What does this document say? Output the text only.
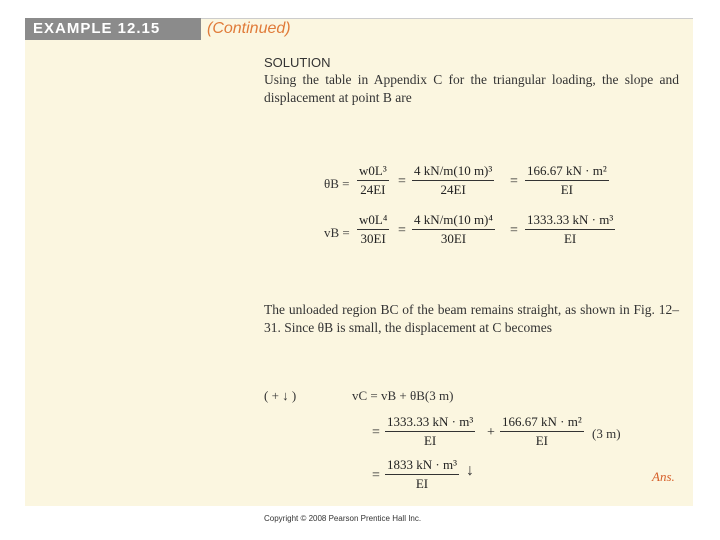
EXAMPLE 12.15	(Continued)
SOLUTION
Using the table in Appendix C for the triangular loading, the slope and displacement at point B are
$\theta B = \frac{\text{w0L³}}{24EI} = \frac{\text{4 kN/m(10 m)³}}{24EI} = \frac{\text{166.67 kN · m²}}{EI}$
vB = $\frac{\text{w0L⁴}}{30EI} = \frac{\text{4 kN/m(10 m)⁴}}{30EI} = \frac{\text{1333.33 kN · m³}}{EI}$
The unloaded region BC of the beam remains straight, as shown in Fig. 12–31. Since θB is small, the displacement at C becomes
( + ↓ )	vC = vB + θB(3 m)
= $\frac{\text{1333.33 kN · m³}}{EI} + \frac{\text{166.67 kN · m²}}{EI} (3$ m)
= $\frac{\text{1833 kN · m³}}{EI}$ ↓	Ans.
Copyright © 2008 Pearson Prentice Hall Inc.
